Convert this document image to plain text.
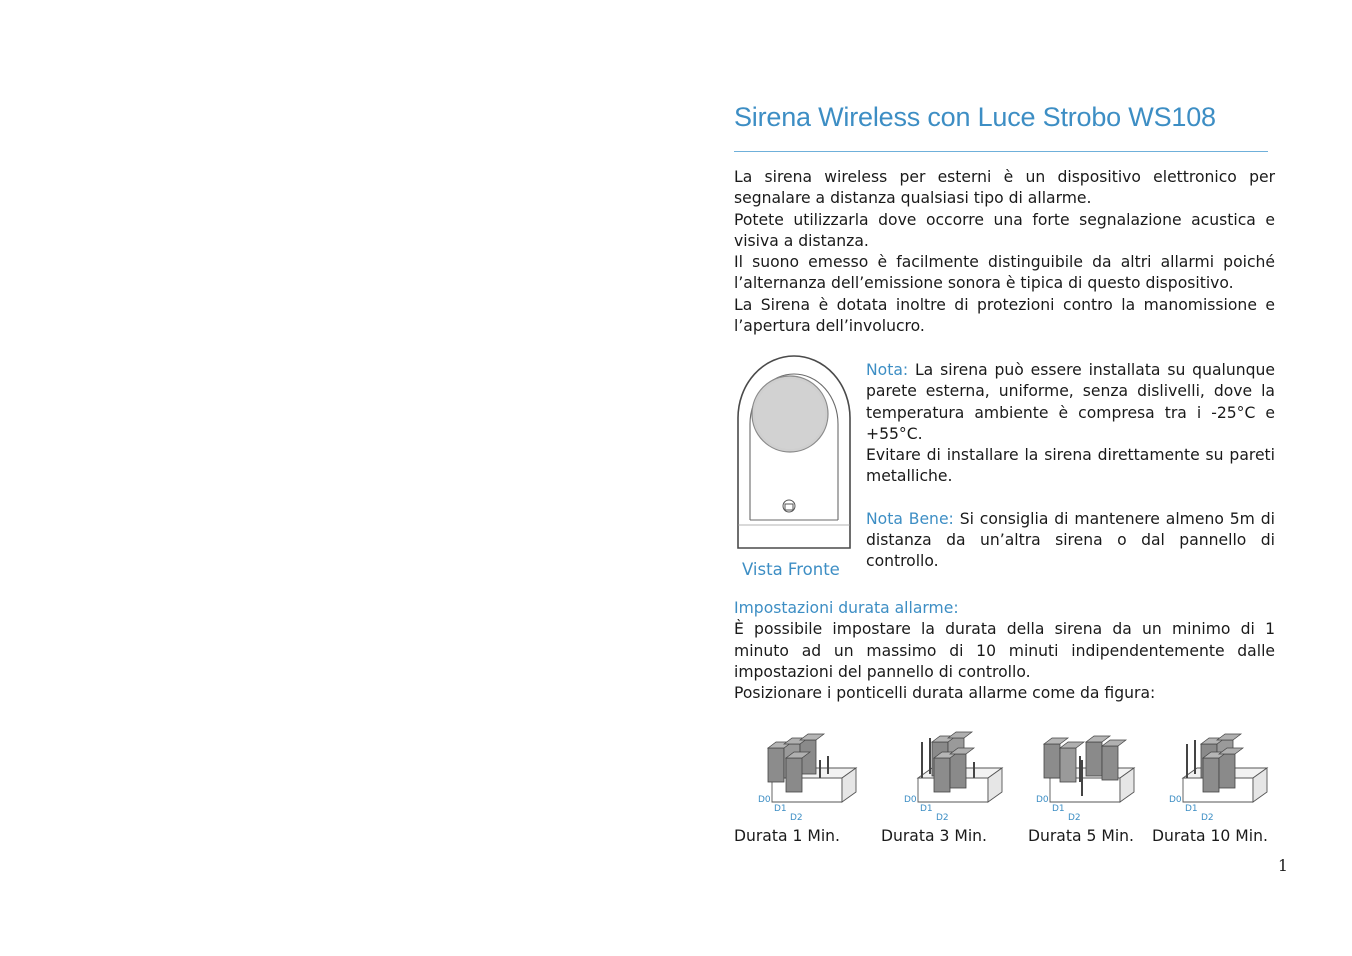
Sirena Wireless con Luce Strobo WS108

La sirena wireless per esterni è un dispositivo elettronico per segnalare a distanza qualsiasi tipo di allarme.

Potete utilizzarla dove occorre una forte segnalazione acustica e visiva a distanza.

Il suono emesso è facilmente distinguibile da altri allarmi poiché l’alternanza dell’emissione sonora è tipica di questo dispositivo.

La Sirena è dotata inoltre di protezioni contro la manomissione e l’apertura dell’involucro.

Vista Fronte

Nota: La sirena può essere installata su qualunque parete esterna, uniforme, senza dislivelli, dove la temperatura ambiente è compresa tra i -25°C e +55°C.

Evitare di installare la sirena direttamente su pareti metalliche.

Nota Bene: Si consiglia di mantenere almeno 5m di distanza da un’altra sirena o dal pannello di controllo.

Impostazioni durata allarme:

È possibile impostare la durata della sirena da un minimo di 1 minuto ad un massimo di 10 minuti indipendentemente dalle impostazioni del pannello di controllo.

Posizionare i ponticelli durata allarme come da figura:

D0
D1
D2
Durata 1 Min.
D0
D1
D2
Durata 3 Min.
D0
D1
D2
Durata 5 Min.
D0
D1
D2
Durata 10 Min.
1
